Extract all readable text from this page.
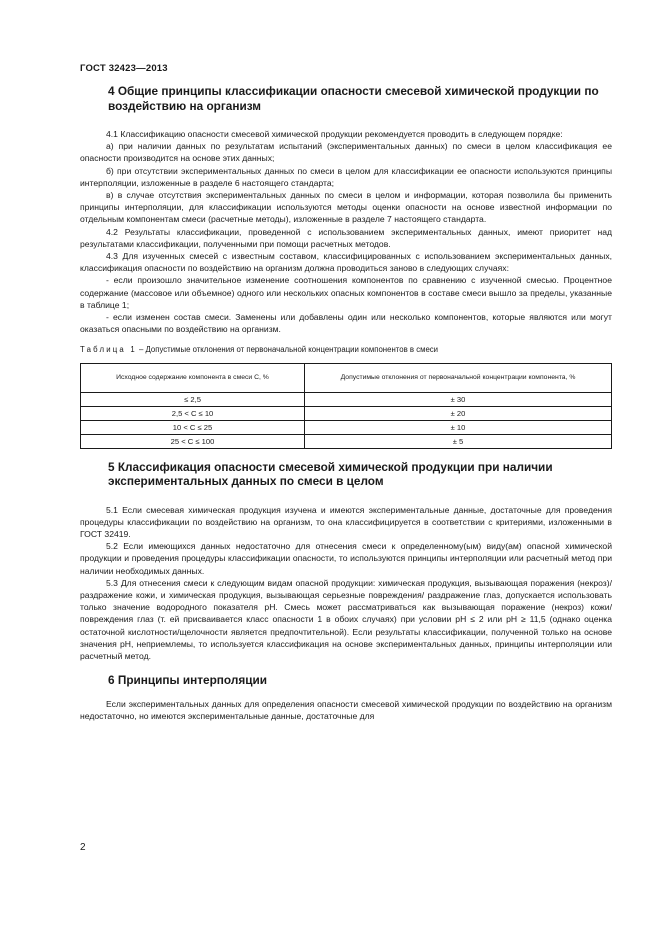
ГОСТ 32423—2013
4 Общие принципы классификации опасности смесевой химической продукции по воздействию на организм

4.1 Классификацию опасности смесевой химической продукции рекомендуется проводить в следующем порядке:

а) при наличии данных по результатам испытаний (экспериментальных данных) по смеси в целом классификация ее опасности производится на основе этих данных;

б) при отсутствии экспериментальных данных по смеси в целом для классификации ее опасности используются принципы интерполяции, изложенные в разделе 6 настоящего стандарта;

в) в случае отсутствия экспериментальных данных по смеси в целом и информации, которая позволила бы применить принципы интерполяции, для классификации используются методы оценки опасности на основе известной информации по отдельным компонентам смеси (расчетные методы), изложенные в разделе 7 настоящего стандарта.

4.2 Результаты классификации, проведенной с использованием экспериментальных данных, имеют приоритет над результатами классификации, полученными при помощи расчетных методов.

4.3 Для изученных смесей с известным составом, классифицированных с использованием экспериментальных данных, классификация опасности по воздействию на организм должна проводиться заново в следующих случаях:

- если произошло значительное изменение соотношения компонентов по сравнению с изученной смесью. Процентное содержание (массовое или объемное) одного или нескольких опасных компонентов в составе смеси вышло за пределы, указанные в таблице 1;

- если изменен состав смеси. Заменены или добавлены один или несколько компонентов, которые являются или могут оказаться опасными по воздействию на организм.

Таблица 1 – Допустимые отклонения от первоначальной концентрации компонентов в смеси
Исходное содержание компонента в смеси C, %	Допустимые отклонения от первоначальной концентрации компонента, %
≤ 2,5	± 30
2,5 < C ≤ 10	± 20
10 < C ≤ 25	± 10
25 < C ≤ 100	± 5
5 Классификация опасности смесевой химической продукции при наличии экспериментальных данных по смеси в целом

5.1 Если смесевая химическая продукция изучена и имеются экспериментальные данные, достаточные для проведения процедуры классификации по воздействию на организм, то она классифицируется в соответствии с критериями, изложенными в ГОСТ 32419.

5.2 Если имеющихся данных недостаточно для отнесения смеси к определенному(ым) виду(ам) опасной химической продукции и проведения процедуры классификации опасности, то используются принципы интерполяции или расчетный метод при наличии необходимых данных.

5.3 Для отнесения смеси к следующим видам опасной продукции: химическая продукция, вызывающая поражения (некроз)/раздражение кожи, и химическая продукция, вызывающая серьезные повреждения/ раздражение глаз, допускается использовать только значение водородного показателя pH. Смесь может рассматриваться как вызывающая поражение (некроз) кожи/повреждения глаз (т. ей присваивается класс опасности 1 в обоих случаях) при условии pH ≤ 2 или pH ≥ 11,5 (однако оценка остаточной кислотности/щелочности является предпочтительной). Если результаты классификации, полученной только на основе значения pH, неприемлемы, то используется классификация на основе экспериментальных данных, принципы интерполяции или расчетный метод.

6 Принципы интерполяции

Если экспериментальных данных для определения опасности смесевой химической продукции по воздействию на организм недостаточно, но имеются экспериментальные данные, достаточные для

2
